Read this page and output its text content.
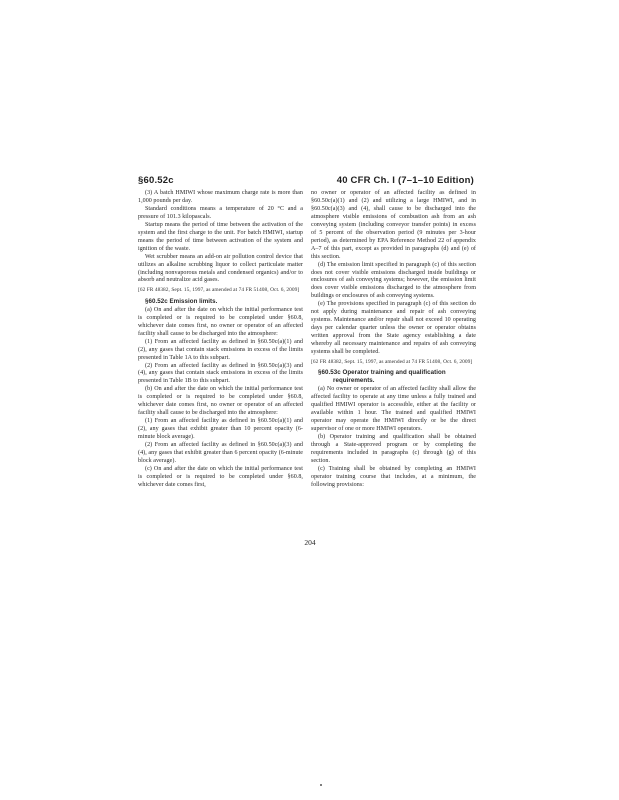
§60.52c	40 CFR Ch. I (7–1–10 Edition)

(3) A batch HMIWI whose maximum charge rate is more than 1,000 pounds per day.

Standard conditions means a temperature of 20 °C and a pressure of 101.3 kilopascals.

Startup means the period of time between the activation of the system and the first charge to the unit. For batch HMIWI, startup means the period of time between activation of the system and ignition of the waste.

Wet scrubber means an add-on air pollution control device that utilizes an alkaline scrubbing liquor to collect particulate matter (including nonvaporous metals and condensed organics) and/or to absorb and neutralize acid gases.

[62 FR 48382, Sept. 15, 1997, as amended at 74 FR 51408, Oct. 6, 2009]

§60.52c Emission limits.

(a) On and after the date on which the initial performance test is completed or is required to be completed under §60.8, whichever date comes first, no owner or operator of an affected facility shall cause to be discharged into the atmosphere:

(1) From an affected facility as defined in §60.50c(a)(1) and (2), any gases that contain stack emissions in excess of the limits presented in Table 1A to this subpart.

(2) From an affected facility as defined in §60.50c(a)(3) and (4), any gases that contain stack emissions in excess of the limits presented in Table 1B to this subpart.

(b) On and after the date on which the initial performance test is completed or is required to be completed under §60.8, whichever date comes first, no owner or operator of an affected facility shall cause to be discharged into the atmosphere:

(1) From an affected facility as defined in §60.50c(a)(1) and (2), any gases that exhibit greater than 10 percent opacity (6-minute block average).

(2) From an affected facility as defined in §60.50c(a)(3) and (4), any gases that exhibit greater than 6 percent opacity (6-minute block average).

(c) On and after the date on which the initial performance test is completed or is required to be completed under §60.8, whichever date comes first,

no owner or operator of an affected facility as defined in §60.50c(a)(1) and (2) and utilizing a large HMIWI, and in §60.50c(a)(3) and (4), shall cause to be discharged into the atmosphere visible emissions of combustion ash from an ash conveying system (including conveyor transfer points) in excess of 5 percent of the observation period (9 minutes per 3-hour period), as determined by EPA Reference Method 22 of appendix A–7 of this part, except as provided in paragraphs (d) and (e) of this section.

(d) The emission limit specified in paragraph (c) of this section does not cover visible emissions discharged inside buildings or enclosures of ash conveying systems; however, the emission limit does cover visible emissions discharged to the atmosphere from buildings or enclosures of ash conveying systems.

(e) The provisions specified in paragraph (c) of this section do not apply during maintenance and repair of ash conveying systems. Maintenance and/or repair shall not exceed 10 operating days per calendar quarter unless the owner or operator obtains written approval from the State agency establishing a date whereby all necessary maintenance and repairs of ash conveying systems shall be completed.

[62 FR 48382, Sept. 15, 1997, as amended at 74 FR 51408, Oct. 6, 2009]

§60.53c Operator training and qualification requirements.

(a) No owner or operator of an affected facility shall allow the affected facility to operate at any time unless a fully trained and qualified HMIWI operator is accessible, either at the facility or available within 1 hour. The trained and qualified HMIWI operator may operate the HMIWI directly or be the direct supervisor of one or more HMIWI operators.

(b) Operator training and qualification shall be obtained through a State-approved program or by completing the requirements included in paragraphs (c) through (g) of this section.

(c) Training shall be obtained by completing an HMIWI operator training course that includes, at a minimum, the following provisions:

204
